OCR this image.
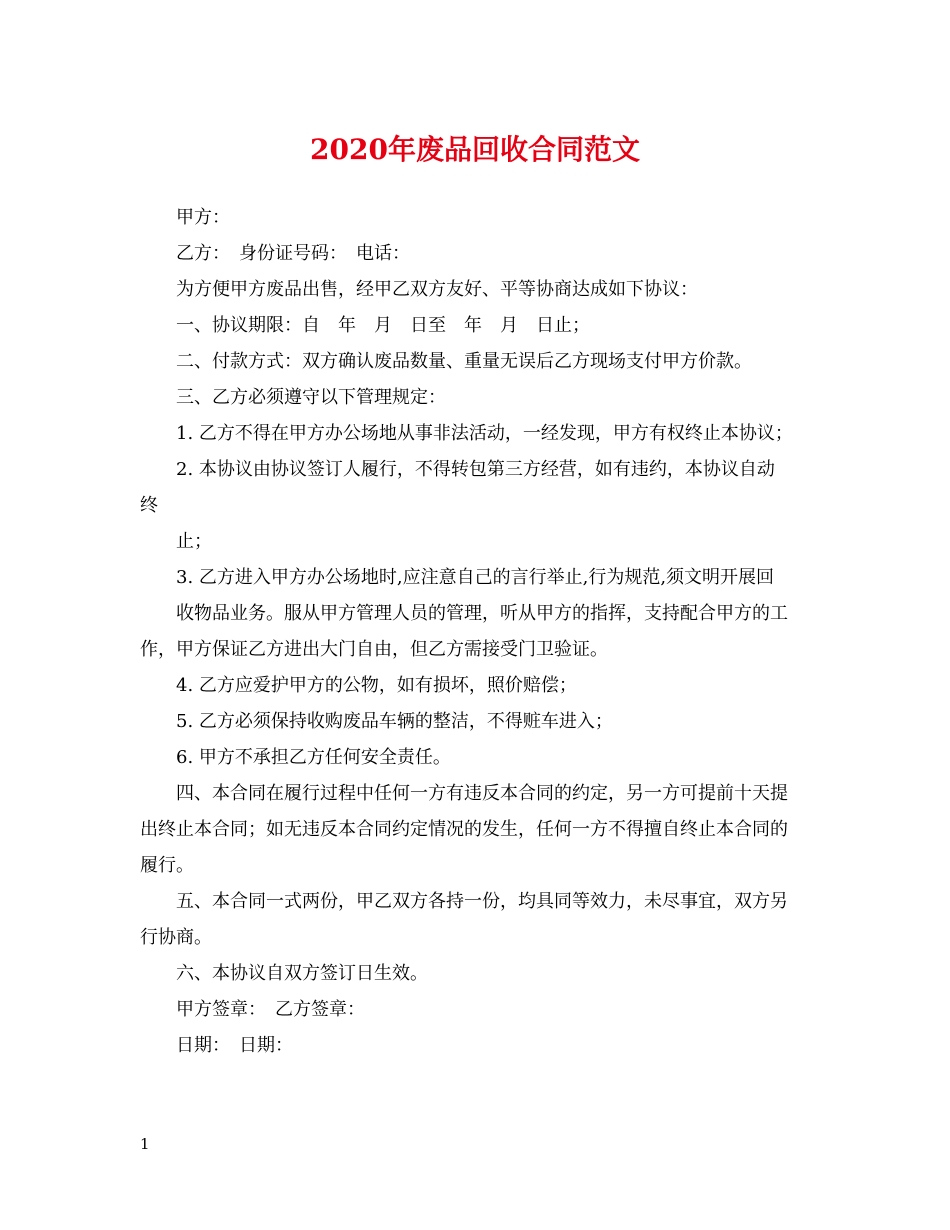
2020年废品回收合同范文
甲方：
乙方：　身份证号码：　电话：
为方便甲方废品出售，经甲乙双方友好、平等协商达成如下协议：
一、协议期限：自　年　月　日至　年　月　日止；
二、付款方式：双方确认废品数量、重量无误后乙方现场支付甲方价款。
三、乙方必须遵守以下管理规定：
1. 乙方不得在甲方办公场地从事非法活动，一经发现，甲方有权终止本协议；
2. 本协议由协议签订人履行，不得转包第三方经营，如有违约，本协议自动
终
止；
3. 乙方进入甲方办公场地时,应注意自己的言行举止,行为规范,须文明开展回
收物品业务。服从甲方管理人员的管理，听从甲方的指挥，支持配合甲方的工
作，甲方保证乙方进出大门自由，但乙方需接受门卫验证。
4. 乙方应爱护甲方的公物，如有损坏，照价赔偿；
5. 乙方必须保持收购废品车辆的整洁，不得赃车进入；
6. 甲方不承担乙方任何安全责任。
四、本合同在履行过程中任何一方有违反本合同的约定，另一方可提前十天提
出终止本合同；如无违反本合同约定情况的发生，任何一方不得擅自终止本合同的
履行。
五、本合同一式两份，甲乙双方各持一份，均具同等效力，未尽事宜，双方另
行协商。
六、本协议自双方签订日生效。
甲方签章：　乙方签章：
日期：　日期：
1
